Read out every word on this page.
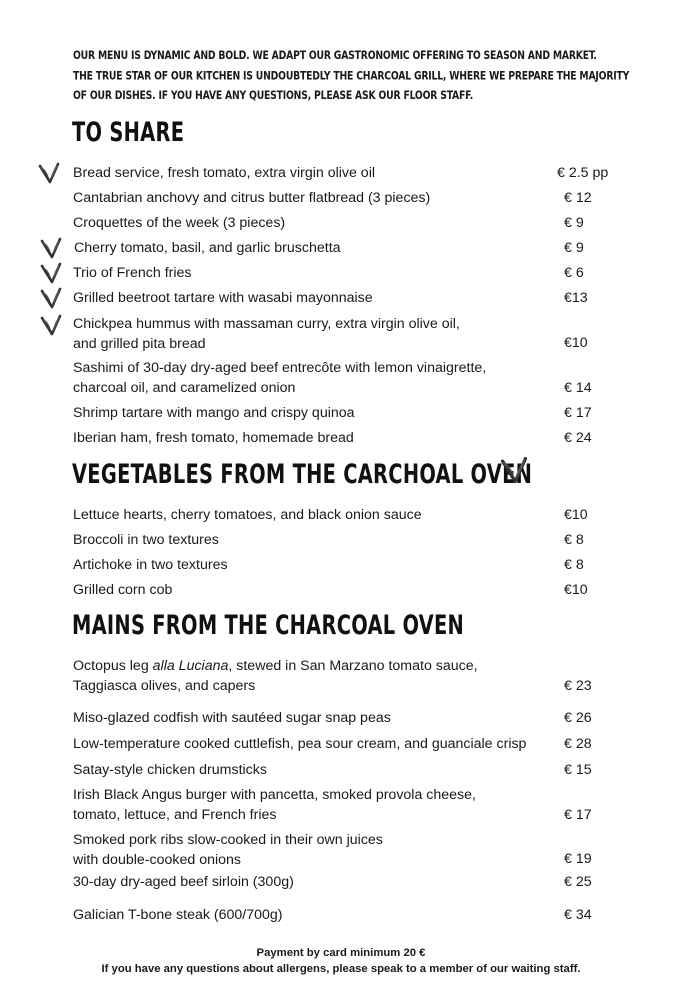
OUR MENU IS DYNAMIC AND BOLD. WE ADAPT OUR GASTRONOMIC OFFERING TO SEASON AND MARKET.
THE TRUE STAR OF OUR KITCHEN IS UNDOUBTEDLY THE CHARCOAL GRILL, WHERE WE PREPARE THE MAJORITY OF OUR DISHES. IF YOU HAVE ANY QUESTIONS, PLEASE ASK OUR FLOOR STAFF.
TO SHARE
Bread service, fresh tomato, extra virgin olive oil	€ 2.5 pp
Cantabrian anchovy and citrus butter flatbread (3 pieces)	€ 12
Croquettes of the week (3 pieces)	€ 9
Cherry tomato, basil, and garlic bruschetta	€ 9
Trio of French fries	€ 6
Grilled beetroot tartare with wasabi mayonnaise	€13
Chickpea hummus with massaman curry, extra virgin olive oil,
and grilled pita bread	€10
Sashimi of 30-day dry-aged beef entrecôte with lemon vinaigrette,
charcoal oil, and caramelized onion	€ 14
Shrimp tartare with mango and crispy quinoa	€ 17
Iberian ham, fresh tomato, homemade bread	€ 24
VEGETABLES FROM THE CARCHOAL OVEN
Lettuce hearts, cherry tomatoes, and black onion sauce	€10
Broccoli in two textures	€ 8
Artichoke in two textures	€ 8
Grilled corn cob	€10
MAINS FROM THE CHARCOAL OVEN
Octopus leg alla Luciana, stewed in San Marzano tomato sauce,
Taggiasca olives, and capers	€ 23
Miso-glazed codfish with sautéed sugar snap peas	€ 26
Low-temperature cooked cuttlefish, pea sour cream, and guanciale crisp	€ 28
Satay-style chicken drumsticks	€ 15
Irish Black Angus burger with pancetta, smoked provola cheese,
tomato, lettuce, and French fries	€ 17
Smoked pork ribs slow-cooked in their own juices
with double-cooked onions	€ 19
30-day dry-aged beef sirloin (300g)	€ 25
Galician T-bone steak (600/700g)	€ 34
Payment by card minimum 20 €
If you have any questions about allergens, please speak to a member of our waiting staff.
